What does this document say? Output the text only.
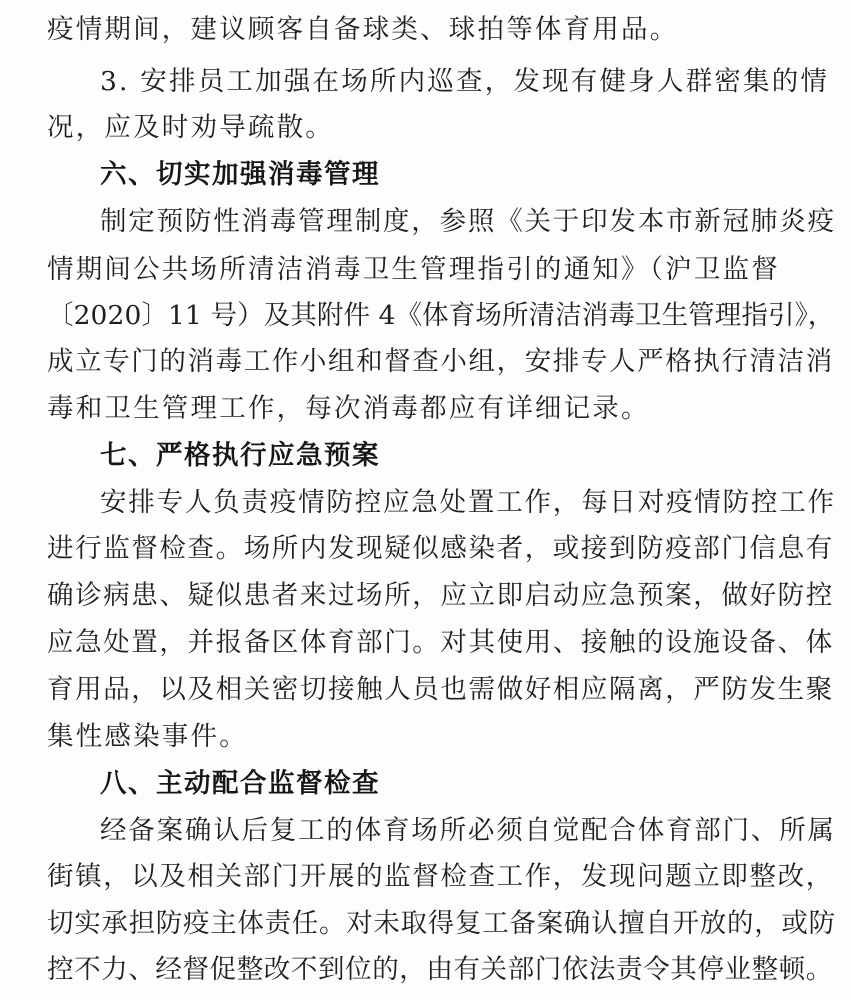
疫情期间，建议顾客自备球类、球拍等体育用品。
3. 安排员工加强在场所内巡查，发现有健身人群密集的情
况，应及时劝导疏散。
六、切实加强消毒管理
制定预防性消毒管理制度，参照《关于印发本市新冠肺炎疫
情期间公共场所清洁消毒卫生管理指引的通知》（沪卫监督
〔2020〕11 号）及其附件 4《体育场所清洁消毒卫生管理指引》，
成立专门的消毒工作小组和督查小组，安排专人严格执行清洁消
毒和卫生管理工作，每次消毒都应有详细记录。
七、严格执行应急预案
安排专人负责疫情防控应急处置工作，每日对疫情防控工作
进行监督检查。场所内发现疑似感染者，或接到防疫部门信息有
确诊病患、疑似患者来过场所，应立即启动应急预案，做好防控
应急处置，并报备区体育部门。对其使用、接触的设施设备、体
育用品，以及相关密切接触人员也需做好相应隔离，严防发生聚
集性感染事件。
八、主动配合监督检查
经备案确认后复工的体育场所必须自觉配合体育部门、所属
街镇，以及相关部门开展的监督检查工作，发现问题立即整改，
切实承担防疫主体责任。对未取得复工备案确认擅自开放的，或防
控不力、经督促整改不到位的，由有关部门依法责令其停业整顿。
